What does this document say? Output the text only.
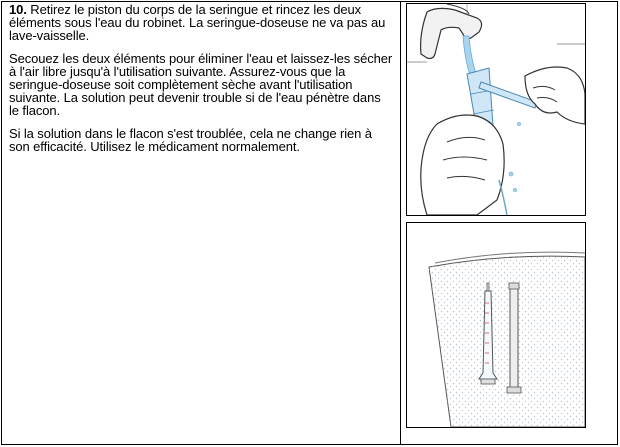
10. Retirez le piston du corps de la seringue et rincez les deux éléments sous l'eau du robinet. La seringue-doseuse ne va pas au lave-vaisselle.

Secouez les deux éléments pour éliminer l'eau et laissez-les sécher à l'air libre jusqu'à l'utilisation suivante. Assurez-vous que la seringue-doseuse soit complètement sèche avant l'utilisation suivante. La solution peut devenir trouble si de l'eau pénètre dans le flacon.

Si la solution dans le flacon s'est troublée, cela ne change rien à son efficacité. Utilisez le médicament normalement.
